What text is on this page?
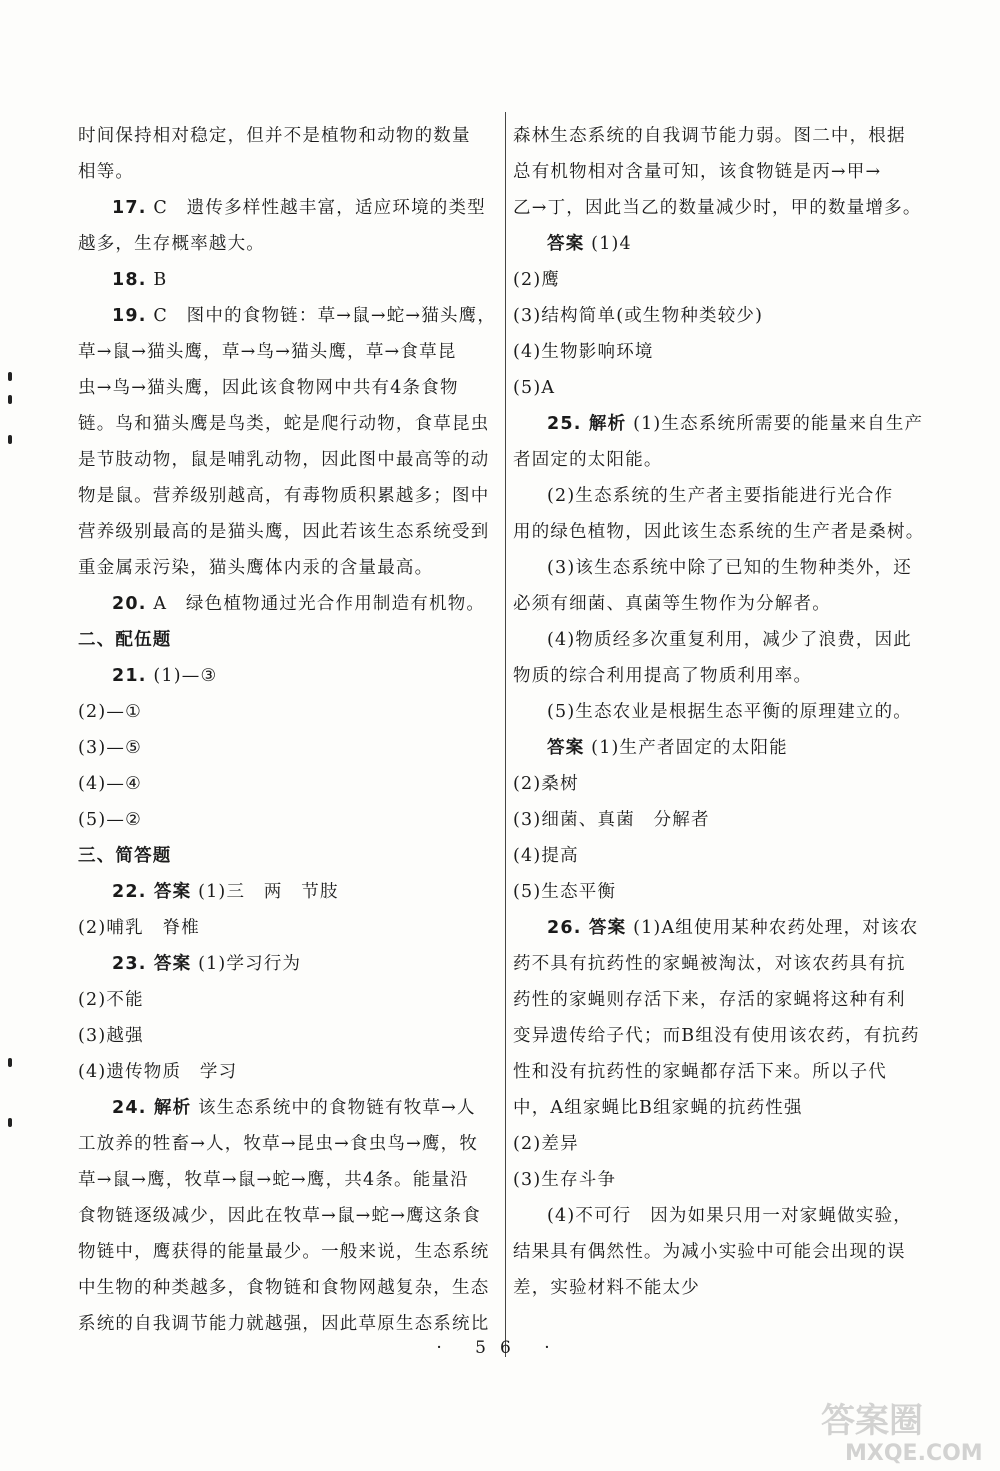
时间保持相对稳定，但并不是植物和动物的数量
相等。
17. C　遗传多样性越丰富，适应环境的类型
越多，生存概率越大。
18. B
19. C　图中的食物链：草→鼠→蛇→猫头鹰，
草→鼠→猫头鹰，草→鸟→猫头鹰，草→食草昆
虫→鸟→猫头鹰，因此该食物网中共有4条食物
链。鸟和猫头鹰是鸟类，蛇是爬行动物，食草昆虫
是节肢动物，鼠是哺乳动物，因此图中最高等的动
物是鼠。营养级别越高，有毒物质积累越多；图中
营养级别最高的是猫头鹰，因此若该生态系统受到
重金属汞污染，猫头鹰体内汞的含量最高。
20. A　绿色植物通过光合作用制造有机物。
二、配伍题
21. (1)—③
(2)—①
(3)—⑤
(4)—④
(5)—②
三、简答题
22. 答案 (1)三　两　节肢
(2)哺乳　脊椎
23. 答案 (1)学习行为
(2)不能
(3)越强
(4)遗传物质　学习
24. 解析 该生态系统中的食物链有牧草→人
工放养的牲畜→人，牧草→昆虫→食虫鸟→鹰，牧
草→鼠→鹰，牧草→鼠→蛇→鹰，共4条。能量沿
食物链逐级减少，因此在牧草→鼠→蛇→鹰这条食
物链中，鹰获得的能量最少。一般来说，生态系统
中生物的种类越多，食物链和食物网越复杂，生态
系统的自我调节能力就越强，因此草原生态系统比
森林生态系统的自我调节能力弱。图二中，根据
总有机物相对含量可知，该食物链是丙→甲→
乙→丁，因此当乙的数量减少时，甲的数量增多。
答案 (1)4
(2)鹰
(3)结构简单(或生物种类较少)
(4)生物影响环境
(5)A
25. 解析 (1)生态系统所需要的能量来自生产
者固定的太阳能。
(2)生态系统的生产者主要指能进行光合作
用的绿色植物，因此该生态系统的生产者是桑树。
(3)该生态系统中除了已知的生物种类外，还
必须有细菌、真菌等生物作为分解者。
(4)物质经多次重复利用，减少了浪费，因此
物质的综合利用提高了物质利用率。
(5)生态农业是根据生态平衡的原理建立的。
答案 (1)生产者固定的太阳能
(2)桑树
(3)细菌、真菌　分解者
(4)提高
(5)生态平衡
26. 答案 (1)A组使用某种农药处理，对该农
药不具有抗药性的家蝇被淘汰，对该农药具有抗
药性的家蝇则存活下来，存活的家蝇将这种有利
变异遗传给子代；而B组没有使用该农药，有抗药
性和没有抗药性的家蝇都存活下来。所以子代
中，A组家蝇比B组家蝇的抗药性强
(2)差异
(3)生存斗争
(4)不可行　因为如果只用一对家蝇做实验，
结果具有偶然性。为减小实验中可能会出现的误
差，实验材料不能太少
· 56 ·
答案圈
MXQE.COM
